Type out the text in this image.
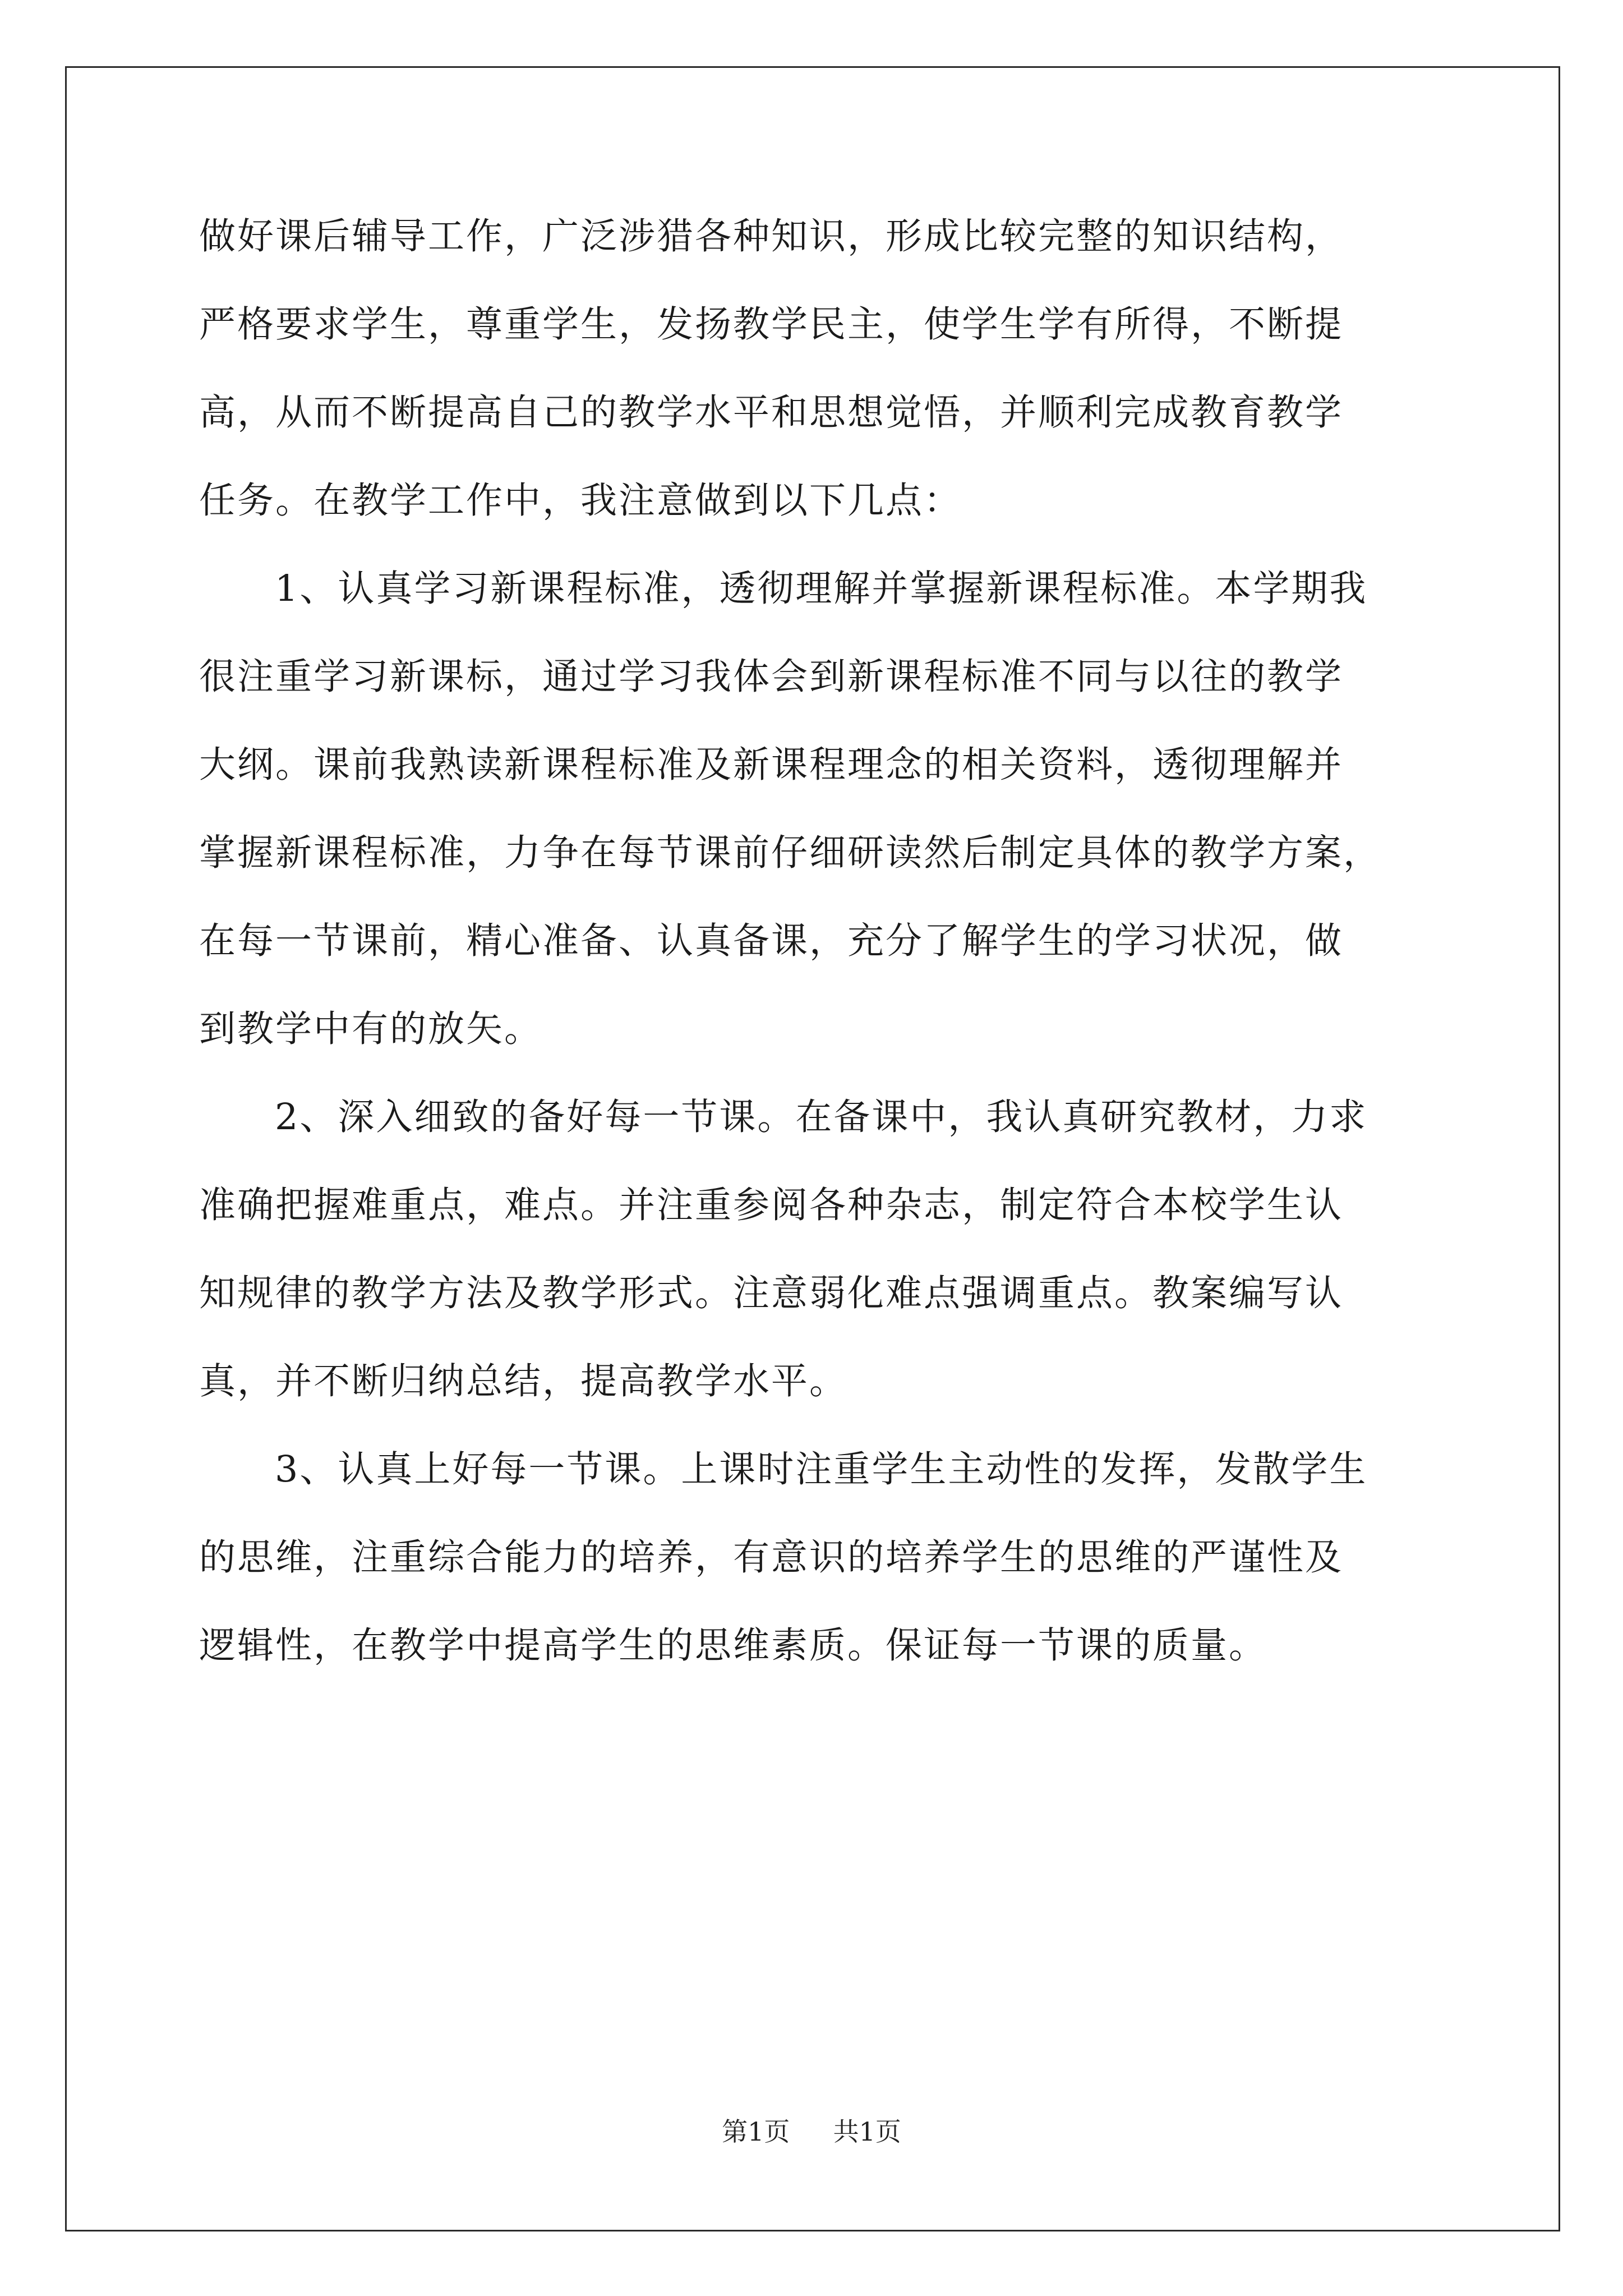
做好课后辅导工作，广泛涉猎各种知识，形成比较完整的知识结构，
严格要求学生，尊重学生，发扬教学民主，使学生学有所得，不断提
高，从而不断提高自己的教学水平和思想觉悟，并顺利完成教育教学
任务。在教学工作中，我注意做到以下几点：
1、认真学习新课程标准，透彻理解并掌握新课程标准。本学期我
很注重学习新课标，通过学习我体会到新课程标准不同与以往的教学
大纲。课前我熟读新课程标准及新课程理念的相关资料，透彻理解并
掌握新课程标准，力争在每节课前仔细研读然后制定具体的教学方案，
在每一节课前，精心准备、认真备课，充分了解学生的学习状况，做
到教学中有的放矢。
2、深入细致的备好每一节课。在备课中，我认真研究教材，力求
准确把握难重点，难点。并注重参阅各种杂志，制定符合本校学生认
知规律的教学方法及教学形式。注意弱化难点强调重点。教案编写认
真，并不断归纳总结，提高教学水平。
3、认真上好每一节课。上课时注重学生主动性的发挥，发散学生
的思维，注重综合能力的培养，有意识的培养学生的思维的严谨性及
逻辑性，在教学中提高学生的思维素质。保证每一节课的质量。
第1页 共1页
